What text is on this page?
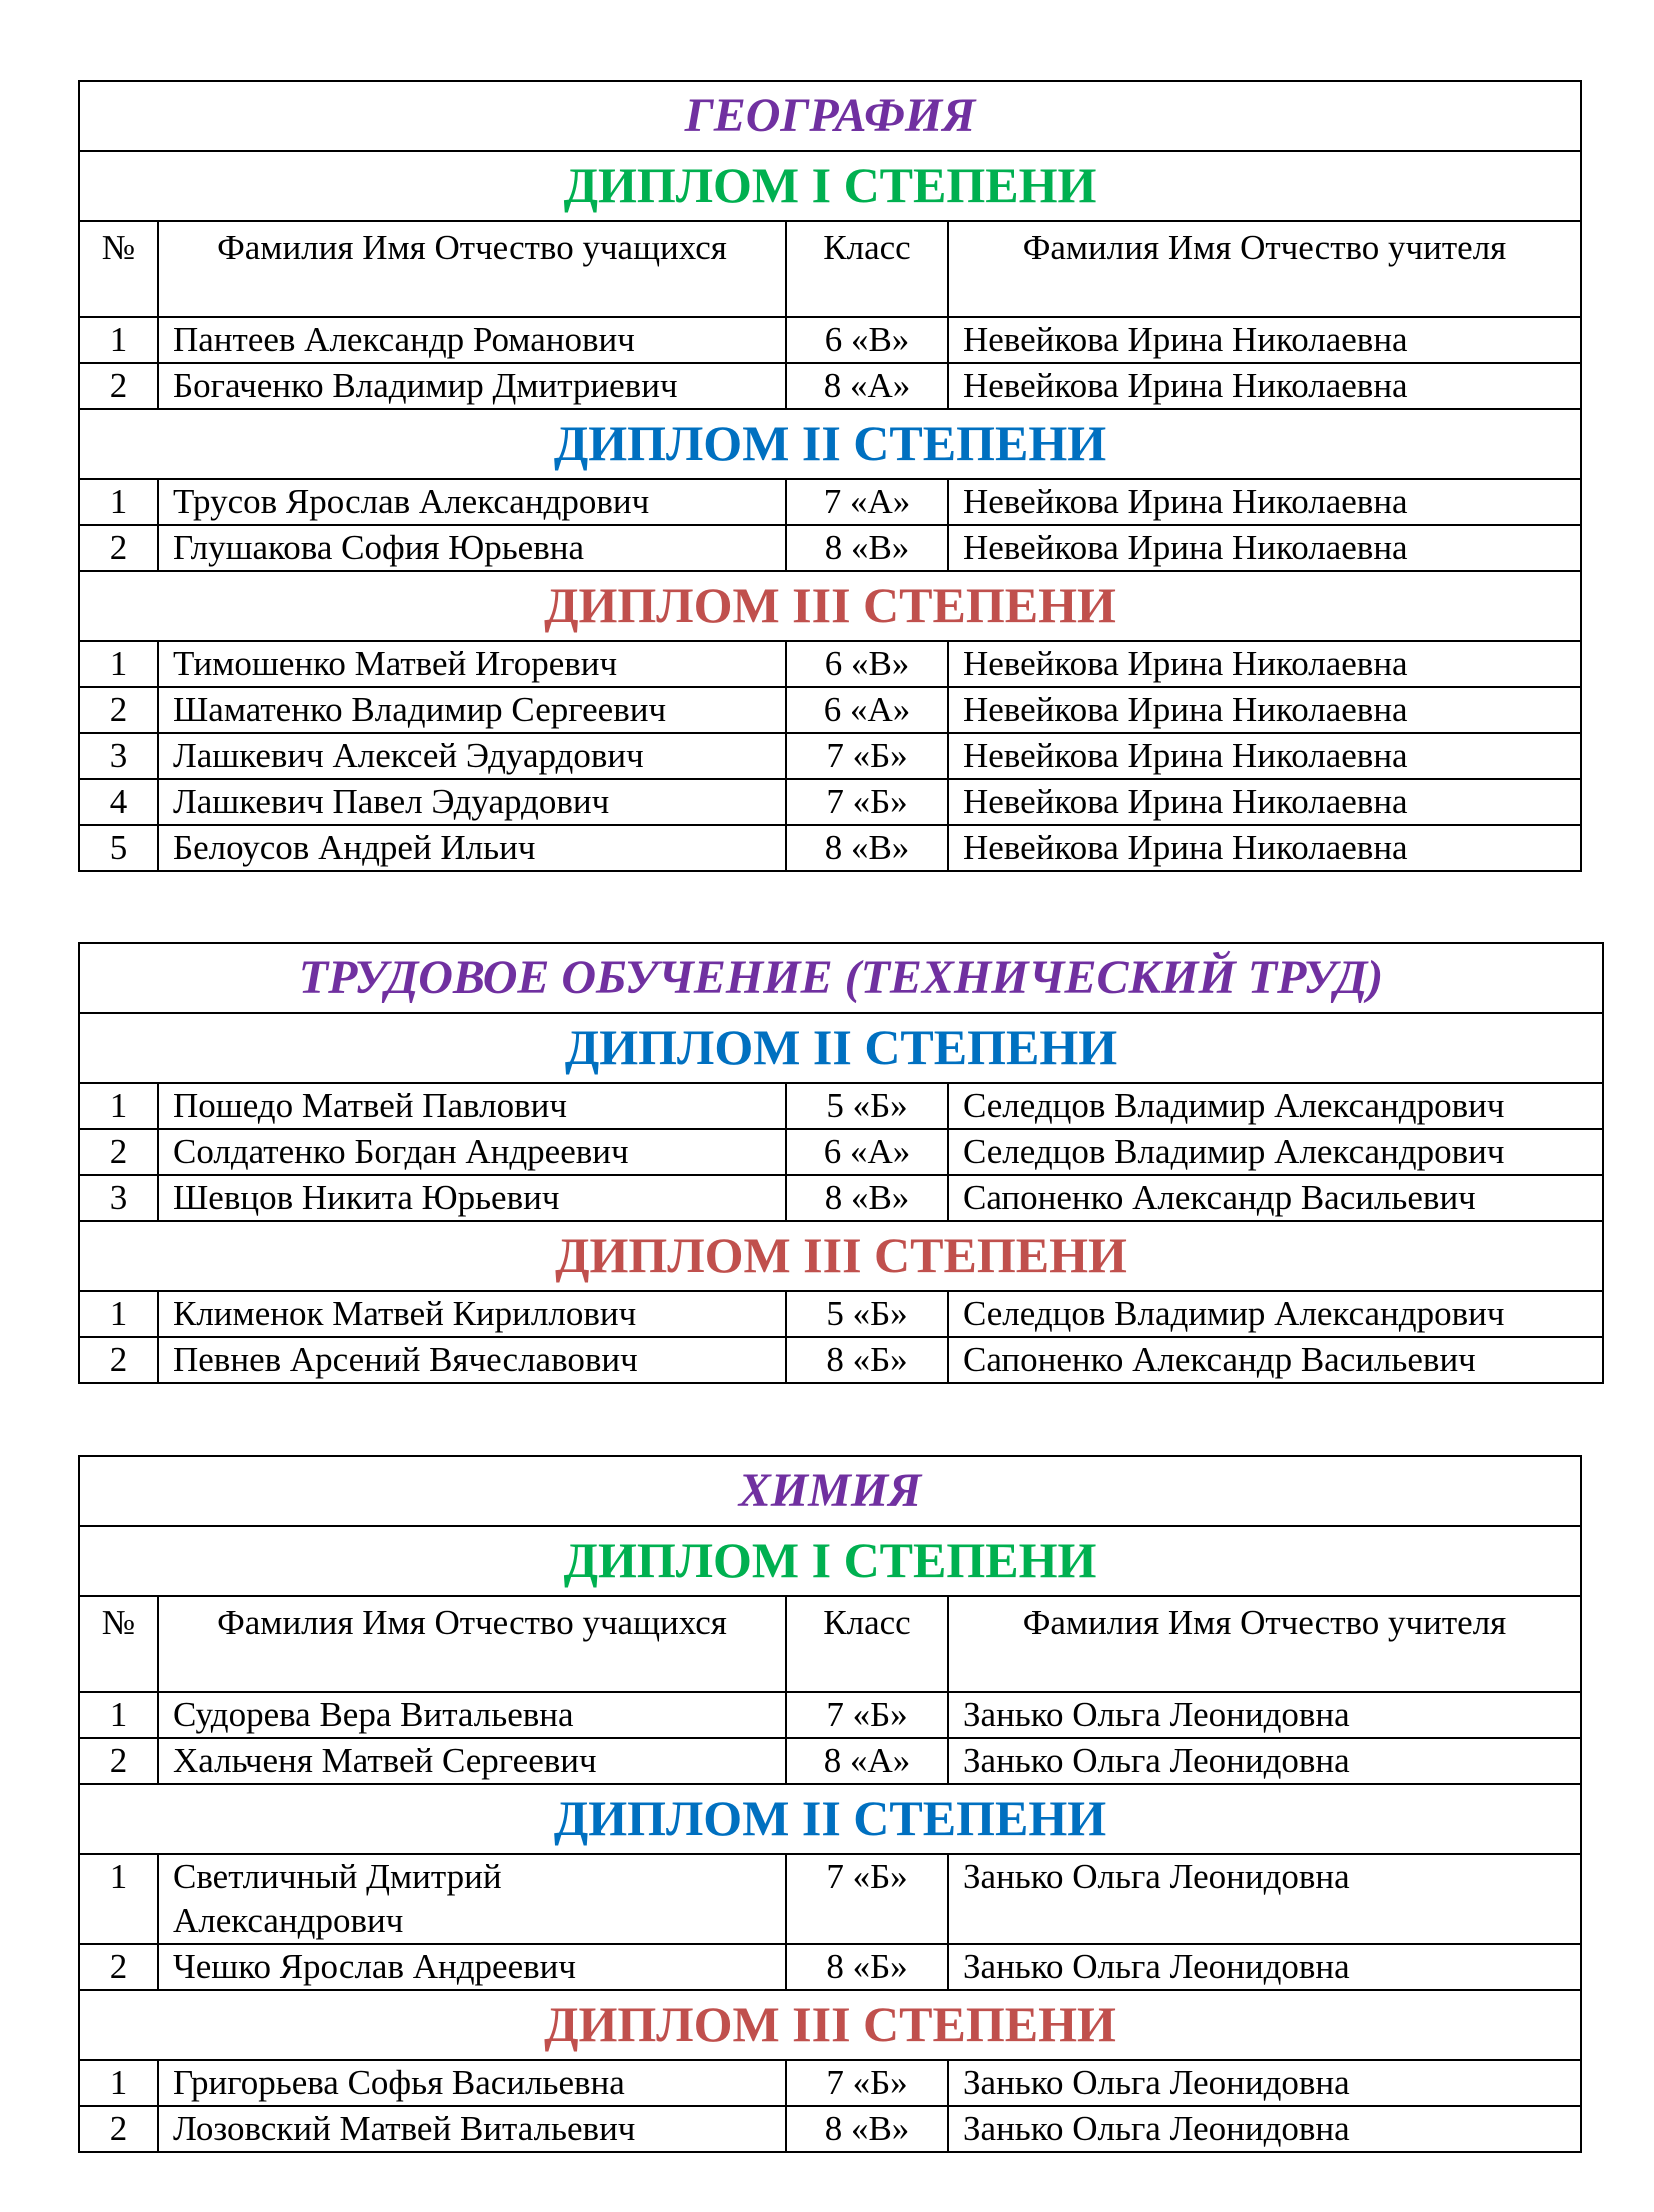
ГЕОГРАФИЯ			
ДИПЛОМ I СТЕПЕНИ			
№	Фамилия Имя Отчество учащихся	Класс	Фамилия Имя Отчество учителя
1	Пантеев Александр Романович	6 «В»	Невейкова Ирина Николаевна
2	Богаченко Владимир Дмитриевич	8 «А»	Невейкова Ирина Николаевна
ДИПЛОМ II СТЕПЕНИ			
1	Трусов Ярослав Александрович	7 «А»	Невейкова Ирина Николаевна
2	Глушакова София Юрьевна	8 «В»	Невейкова Ирина Николаевна
ДИПЛОМ III СТЕПЕНИ			
1	Тимошенко Матвей Игоревич	6 «В»	Невейкова Ирина Николаевна
2	Шаматенко Владимир Сергеевич	6 «А»	Невейкова Ирина Николаевна
3	Лашкевич Алексей Эдуардович	7 «Б»	Невейкова Ирина Николаевна
4	Лашкевич Павел Эдуардович	7 «Б»	Невейкова Ирина Николаевна
5	Белоусов Андрей Ильич	8 «В»	Невейкова Ирина Николаевна
ТРУДОВОЕ ОБУЧЕНИЕ (ТЕХНИЧЕСКИЙ ТРУД)			
ДИПЛОМ II СТЕПЕНИ			
1	Пошедо Матвей Павлович	5 «Б»	Селедцов Владимир Александрович
2	Солдатенко Богдан Андреевич	6 «А»	Селедцов Владимир Александрович
3	Шевцов Никита Юрьевич	8 «В»	Сапоненко Александр Васильевич
ДИПЛОМ III СТЕПЕНИ			
1	Клименок Матвей Кириллович	5 «Б»	Селедцов Владимир Александрович
2	Певнев Арсений Вячеславович	8 «Б»	Сапоненко Александр Васильевич
ХИМИЯ			
ДИПЛОМ I СТЕПЕНИ			
№	Фамилия Имя Отчество учащихся	Класс	Фамилия Имя Отчество учителя
1	Судорева Вера Витальевна	7 «Б»	Занько Ольга Леонидовна
2	Хальченя Матвей Сергеевич	8 «А»	Занько Ольга Леонидовна
ДИПЛОМ II СТЕПЕНИ			
1	Светличный Дмитрий Александрович	7 «Б»	Занько Ольга Леонидовна
2	Чешко Ярослав Андреевич	8 «Б»	Занько Ольга Леонидовна
ДИПЛОМ III СТЕПЕНИ			
1	Григорьева Софья Васильевна	7 «Б»	Занько Ольга Леонидовна
2	Лозовский Матвей Витальевич	8 «В»	Занько Ольга Леонидовна
